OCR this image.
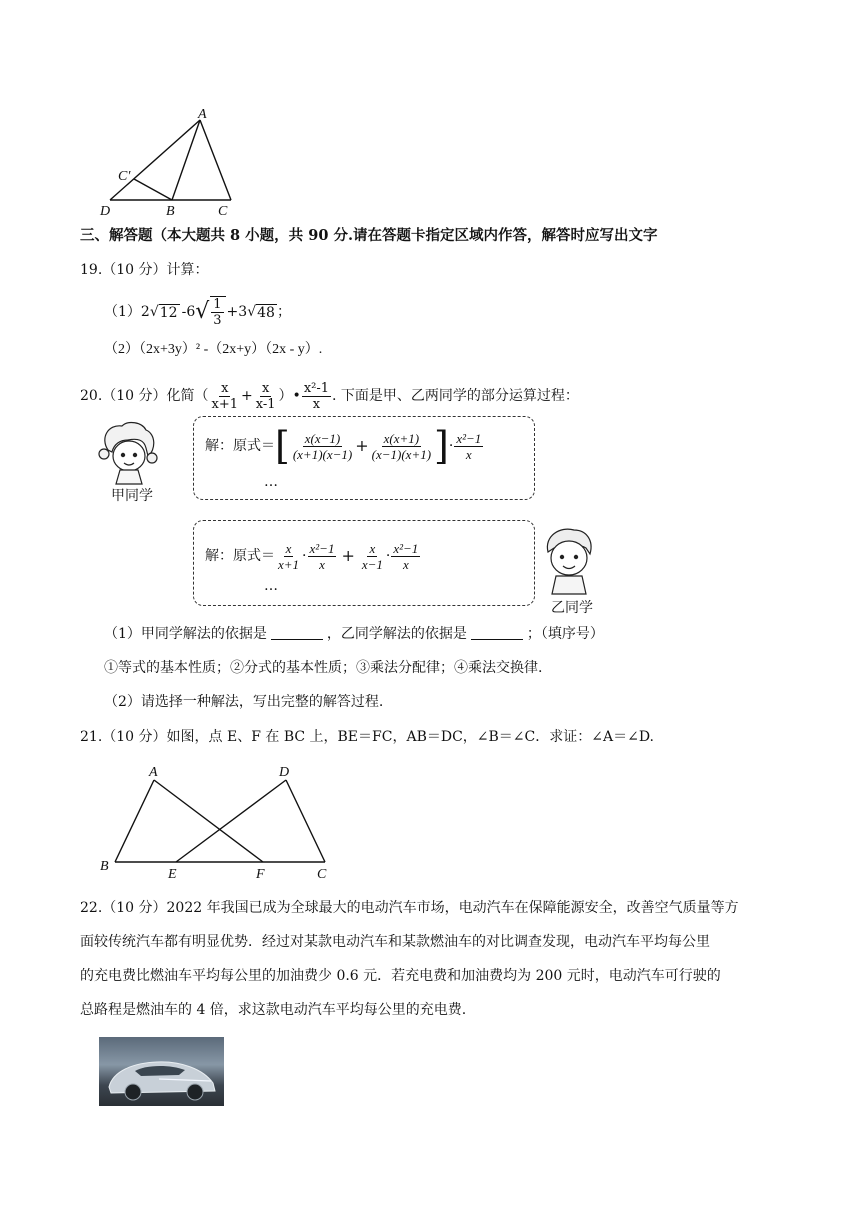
A
C′
D	B	C
三、解答题（本大题共 8 小题，共 90 分.请在答题卡指定区域内作答，解答时应写出文字
19.（10 分）计算：
（1） 2 √ 12 -6 √ $\frac{1}{3} +3$ √ 48 ；
（2）（2x+3y）² -（2x+y）（2x - y）.
20.（10 分）化简（ $\frac{x}{x+1} + \frac{x}{x-1}$ ）• $\frac{\text{x²-1}}{x}$ . 下面是甲、乙两同学的部分运算过程：
甲同学
解：原式＝ [ $\frac{x(x-1)}{(x+1)(x-1)} + \frac{x(x+1)}{(x-1)(x+1)}$ ] · $\frac{\text{x²−1}}{x}$
…
解：原式＝ $\frac{x}{x+1} \cdot \frac{\text{x²−1}}{x} + \frac{x}{x-1} \cdot \frac{\text{x²−1}}{x}$
…
乙同学
（1）甲同学解法的依据是	，乙同学解法的依据是	；（填序号）
①等式的基本性质；②分式的基本性质；③乘法分配律；④乘法交换律.
（2）请选择一种解法，写出完整的解答过程.
21.（10 分）如图，点 E、F 在 BC 上，BE＝FC，AB＝DC，∠B＝∠C．求证：∠A＝∠D.
A	D
B
E	F	C
22.（10 分）2022 年我国已成为全球最大的电动汽车市场，电动汽车在保障能源安全，改善空气质量等方
面较传统汽车都有明显优势．经过对某款电动汽车和某款燃油车的对比调查发现，电动汽车平均每公里
的充电费比燃油车平均每公里的加油费少 0.6 元．若充电费和加油费均为 200 元时，电动汽车可行驶的
总路程是燃油车的 4 倍，求这款电动汽车平均每公里的充电费.
